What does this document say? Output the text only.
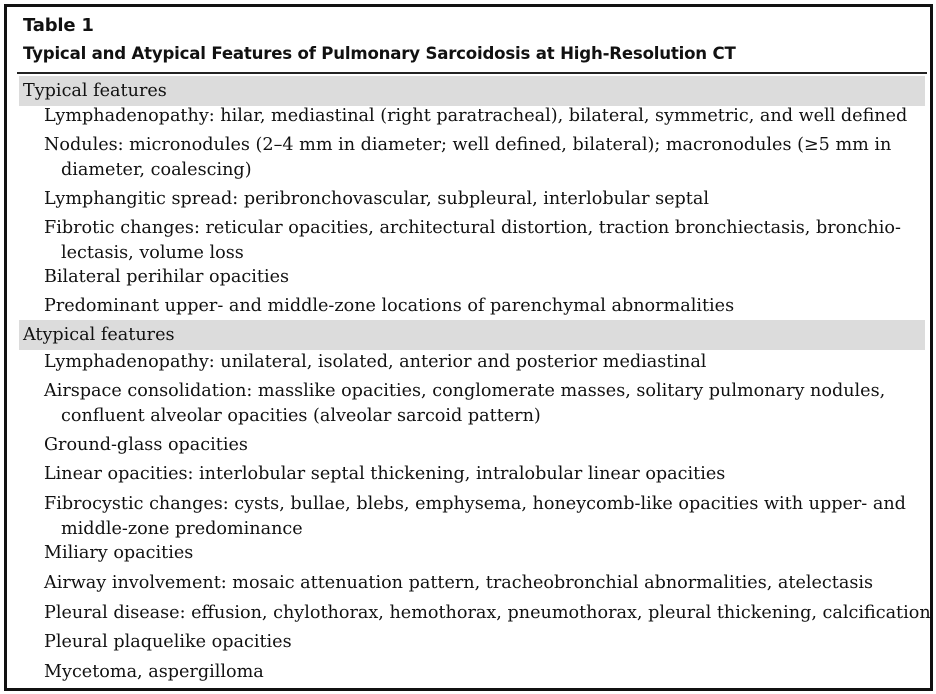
Table 1
Typical and Atypical Features of Pulmonary Sarcoidosis at High-Resolution CT
Typical features
Lymphadenopathy: hilar, mediastinal (right paratracheal), bilateral, symmetric, and well defined
Nodules: micronodules (2–4 mm in diameter; well defined, bilateral); macronodules (≥5 mm in
diameter, coalescing)
Lymphangitic spread: peribronchovascular, subpleural, interlobular septal
Fibrotic changes: reticular opacities, architectural distortion, traction bronchiectasis, bronchio-
lectasis, volume loss
Bilateral perihilar opacities
Predominant upper- and middle-zone locations of parenchymal abnormalities
Atypical features
Lymphadenopathy: unilateral, isolated, anterior and posterior mediastinal
Airspace consolidation: masslike opacities, conglomerate masses, solitary pulmonary nodules,
confluent alveolar opacities (alveolar sarcoid pattern)
Ground-glass opacities
Linear opacities: interlobular septal thickening, intralobular linear opacities
Fibrocystic changes: cysts, bullae, blebs, emphysema, honeycomb-like opacities with upper- and
middle-zone predominance
Miliary opacities
Airway involvement: mosaic attenuation pattern, tracheobronchial abnormalities, atelectasis
Pleural disease: effusion, chylothorax, hemothorax, pneumothorax, pleural thickening, calcification
Pleural plaquelike opacities
Mycetoma, aspergilloma
